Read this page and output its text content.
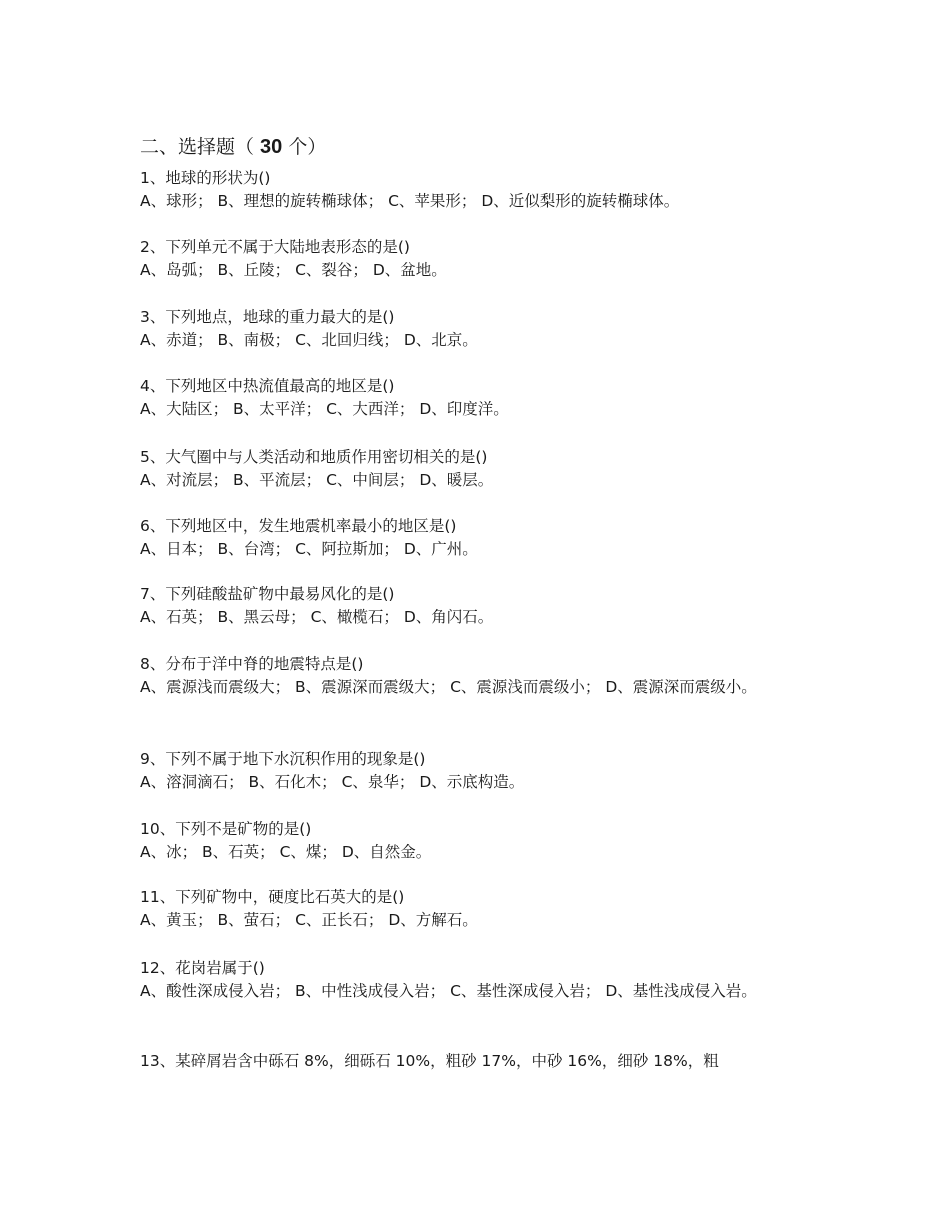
二、选择题（ 30 个）
1、地球的形状为()
A、球形； B、理想的旋转椭球体； C、苹果形； D、近似梨形的旋转椭球体。
2、下列单元不属于大陆地表形态的是()
A、岛弧； B、丘陵； C、裂谷； D、盆地。
3、下列地点，地球的重力最大的是()
A、赤道； B、南极； C、北回归线； D、北京。
4、下列地区中热流值最高的地区是()
A、大陆区； B、太平洋； C、大西洋； D、印度洋。
5、大气圈中与人类活动和地质作用密切相关的是()
A、对流层； B、平流层； C、中间层； D、暖层。
6、下列地区中，发生地震机率最小的地区是()
A、日本； B、台湾； C、阿拉斯加； D、广州。
7、下列硅酸盐矿物中最易风化的是()
A、石英； B、黑云母； C、橄榄石； D、角闪石。
8、分布于洋中脊的地震特点是()
A、震源浅而震级大； B、震源深而震级大； C、震源浅而震级小； D、震源深而震级小。
9、下列不属于地下水沉积作用的现象是()
A、溶洞滴石； B、石化木； C、泉华； D、示底构造。
10、下列不是矿物的是()
A、冰； B、石英； C、煤； D、自然金。
11、下列矿物中，硬度比石英大的是()
A、黄玉； B、萤石； C、正长石； D、方解石。
12、花岗岩属于()
A、酸性深成侵入岩； B、中性浅成侵入岩； C、基性深成侵入岩； D、基性浅成侵入岩。
13、某碎屑岩含中砾石 8%，细砾石 10%，粗砂 17%，中砂 16%，细砂 18%，粗
